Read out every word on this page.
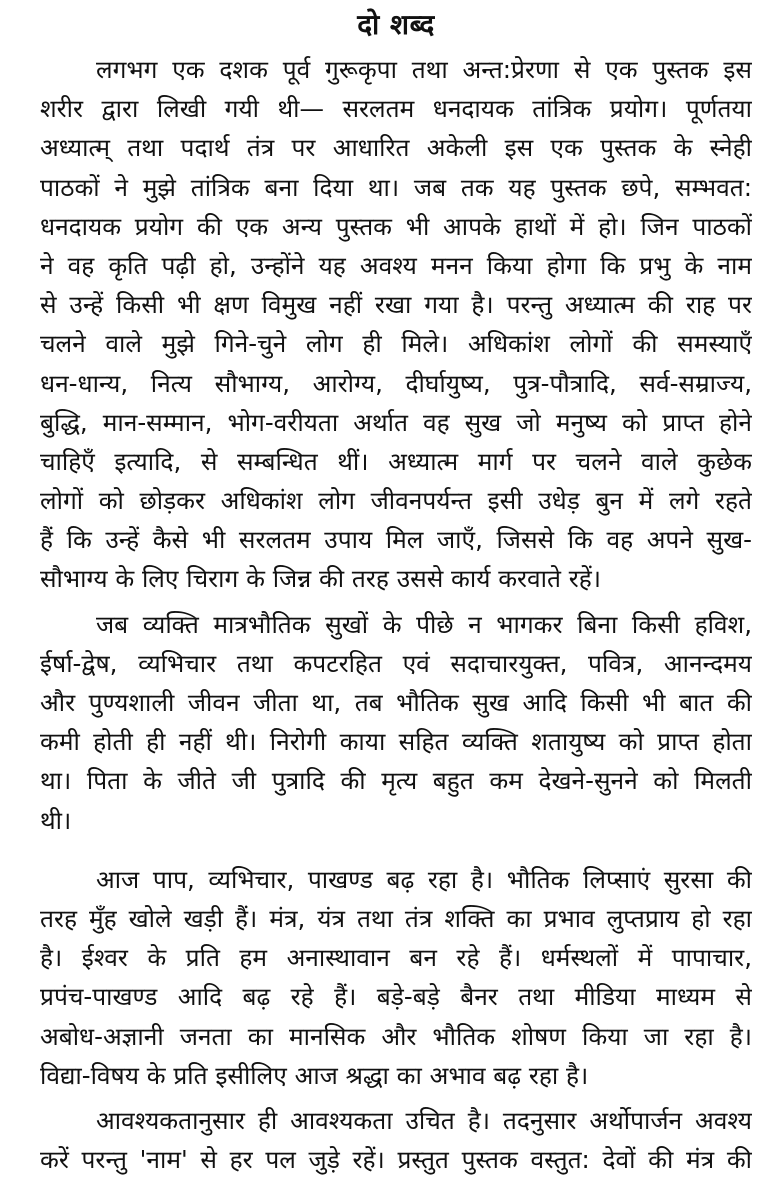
दो शब्द
लगभग एक दशक पूर्व गुरूकृपा तथा अन्त:प्रेरणा से एक पुस्तक इस
शरीर द्वारा लिखी गयी थी— सरलतम धनदायक तांत्रिक प्रयोग। पूर्णतया
अध्यात्म् तथा पदार्थ तंत्र पर आधारित अकेली इस एक पुस्तक के स्नेही
पाठकों ने मुझे तांत्रिक बना दिया था। जब तक यह पुस्तक छपे, सम्भवत:
धनदायक प्रयोग की एक अन्य पुस्तक भी आपके हाथों में हो। जिन पाठकों
ने वह कृति पढ़ी हो, उन्होंने यह अवश्य मनन किया होगा कि प्रभु के नाम
से उन्हें किसी भी क्षण विमुख नहीं रखा गया है। परन्तु अध्यात्म की राह पर
चलने वाले मुझे गिने-चुने लोग ही मिले। अधिकांश लोगों की समस्याएँ
धन-धान्य, नित्य सौभाग्य, आरोग्य, दीर्घायुष्य, पुत्र-पौत्रादि, सर्व-सम्राज्य,
बुद्धि, मान-सम्मान, भोग-वरीयता अर्थात वह सुख जो मनुष्य को प्राप्त होने
चाहिएँ इत्यादि, से सम्बन्धित थीं। अध्यात्म मार्ग पर चलने वाले कुछेक
लोगों को छोड़कर अधिकांश लोग जीवनपर्यन्त इसी उधेड़ बुन में लगे रहते
हैं कि उन्हें कैसे भी सरलतम उपाय मिल जाएँ, जिससे कि वह अपने सुख-
सौभाग्य के लिए चिराग के जिन्न की तरह उससे कार्य करवाते रहें।
जब व्यक्ति मात्रभौतिक सुखों के पीछे न भागकर बिना किसी हविश,
ईर्षा-द्वेष, व्यभिचार तथा कपटरहित एवं सदाचारयुक्त, पवित्र, आनन्दमय
और पुण्यशाली जीवन जीता था, तब भौतिक सुख आदि किसी भी बात की
कमी होती ही नहीं थी। निरोगी काया सहित व्यक्ति शतायुष्य को प्राप्त होता
था। पिता के जीते जी पुत्रादि की मृत्य बहुत कम देखने-सुनने को मिलती
थी।
आज पाप, व्यभिचार, पाखण्ड बढ़ रहा है। भौतिक लिप्साएं सुरसा की
तरह मुँह खोले खड़ी हैं। मंत्र, यंत्र तथा तंत्र शक्ति का प्रभाव लुप्तप्राय हो रहा
है। ईश्वर के प्रति हम अनास्थावान बन रहे हैं। धर्मस्थलों में पापाचार,
प्रपंच-पाखण्ड आदि बढ़ रहे हैं। बड़े-बड़े बैनर तथा मीडिया माध्यम से
अबोध-अज्ञानी जनता का मानसिक और भौतिक शोषण किया जा रहा है।
विद्या-विषय के प्रति इसीलिए आज श्रद्धा का अभाव बढ़ रहा है।
आवश्यकतानुसार ही आवश्यकता उचित है। तदनुसार अर्थोपार्जन अवश्य
करें परन्तु 'नाम' से हर पल जुड़े रहें। प्रस्तुत पुस्तक वस्तुत: देवों की मंत्र की
